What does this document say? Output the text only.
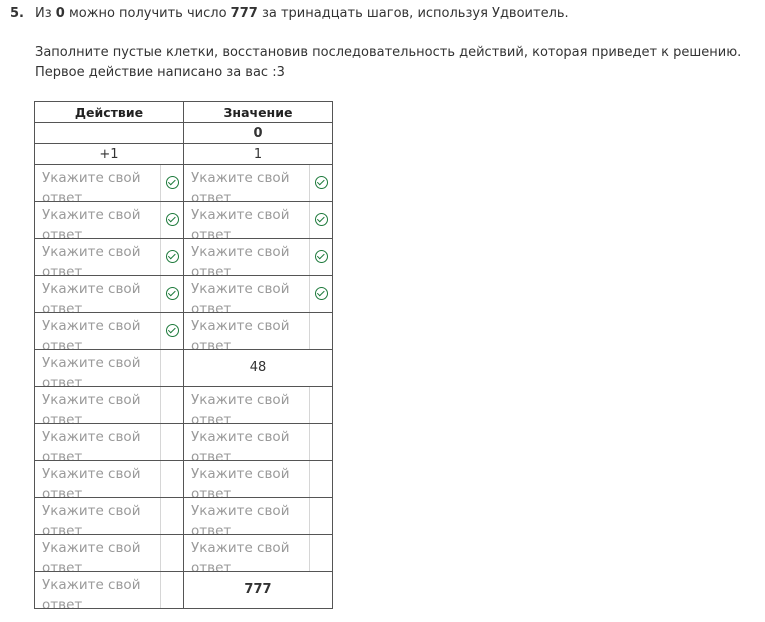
5. Из 0 можно получить число 777 за тринадцать шагов, используя Удвоитель.
Заполните пустые клетки, восстановив последовательность действий, которая приведет к решению.
Первое действие написано за вас :3
Действие	Значение
	0
+1	1

Укажите свой ответ	Укажите свой ответ

Укажите свой ответ	Укажите свой ответ

Укажите свой ответ	Укажите свой ответ

Укажите свой ответ	Укажите свой ответ

Укажите свой ответ	Укажите свой ответ

Укажите свой ответ	48

Укажите свой ответ	Укажите свой ответ

Укажите свой ответ	Укажите свой ответ

Укажите свой ответ	Укажите свой ответ

Укажите свой ответ	Укажите свой ответ

Укажите свой ответ	Укажите свой ответ

Укажите свой ответ	777
